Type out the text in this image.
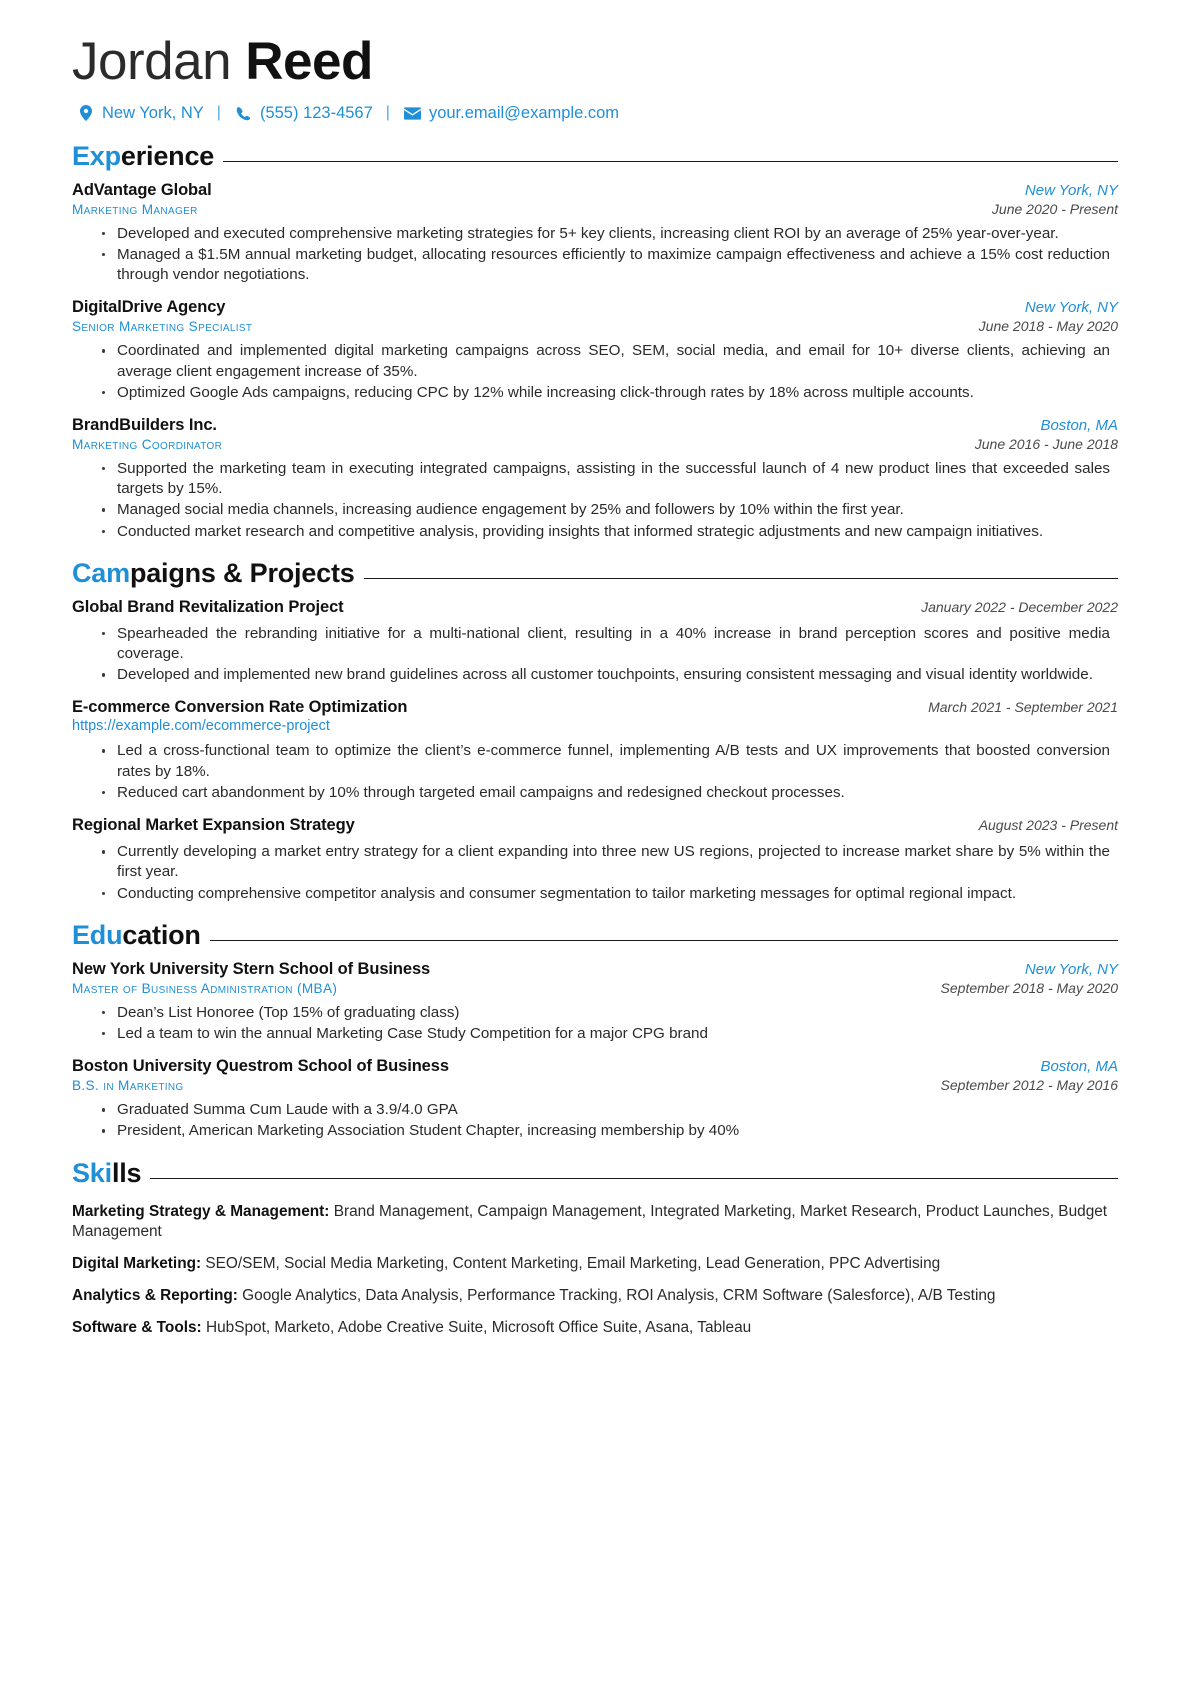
Jordan Reed
New York, NY | (555) 123-4567 | your.email@example.com
Experience
AdVantage Global	New York, NY
Marketing Manager	June 2020 - Present
Developed and executed comprehensive marketing strategies for 5+ key clients, increasing client ROI by an average of 25% year-over-year.
Managed a $1.5M annual marketing budget, allocating resources efficiently to maximize campaign effectiveness and achieve a 15% cost reduction through vendor negotiations.
DigitalDrive Agency	New York, NY
Senior Marketing Specialist	June 2018 - May 2020
Coordinated and implemented digital marketing campaigns across SEO, SEM, social media, and email for 10+ diverse clients, achieving an average client engagement increase of 35%.
Optimized Google Ads campaigns, reducing CPC by 12% while increasing click-through rates by 18% across multiple accounts.
BrandBuilders Inc.	Boston, MA
Marketing Coordinator	June 2016 - June 2018
Supported the marketing team in executing integrated campaigns, assisting in the successful launch of 4 new product lines that exceeded sales targets by 15%.
Managed social media channels, increasing audience engagement by 25% and followers by 10% within the first year.
Conducted market research and competitive analysis, providing insights that informed strategic adjustments and new campaign initiatives.
Campaigns & Projects
Global Brand Revitalization Project	January 2022 - December 2022
Spearheaded the rebranding initiative for a multi-national client, resulting in a 40% increase in brand perception scores and positive media coverage.
Developed and implemented new brand guidelines across all customer touchpoints, ensuring consistent messaging and visual identity worldwide.
E-commerce Conversion Rate Optimization	March 2021 - September 2021
https://example.com/ecommerce-project
Led a cross-functional team to optimize the client’s e-commerce funnel, implementing A/B tests and UX improvements that boosted conversion rates by 18%.
Reduced cart abandonment by 10% through targeted email campaigns and redesigned checkout processes.
Regional Market Expansion Strategy	August 2023 - Present
Currently developing a market entry strategy for a client expanding into three new US regions, projected to increase market share by 5% within the first year.
Conducting comprehensive competitor analysis and consumer segmentation to tailor marketing messages for optimal regional impact.
Education
New York University Stern School of Business	New York, NY
Master of Business Administration (MBA)	September 2018 - May 2020
Dean’s List Honoree (Top 15% of graduating class)
Led a team to win the annual Marketing Case Study Competition for a major CPG brand
Boston University Questrom School of Business	Boston, MA
B.S. in Marketing	September 2012 - May 2016
Graduated Summa Cum Laude with a 3.9/4.0 GPA
President, American Marketing Association Student Chapter, increasing membership by 40%
Skills
Marketing Strategy & Management: Brand Management, Campaign Management, Integrated Marketing, Market Research, Product Launches, Budget Management
Digital Marketing: SEO/SEM, Social Media Marketing, Content Marketing, Email Marketing, Lead Generation, PPC Advertising
Analytics & Reporting: Google Analytics, Data Analysis, Performance Tracking, ROI Analysis, CRM Software (Salesforce), A/B Testing
Software & Tools: HubSpot, Marketo, Adobe Creative Suite, Microsoft Office Suite, Asana, Tableau
